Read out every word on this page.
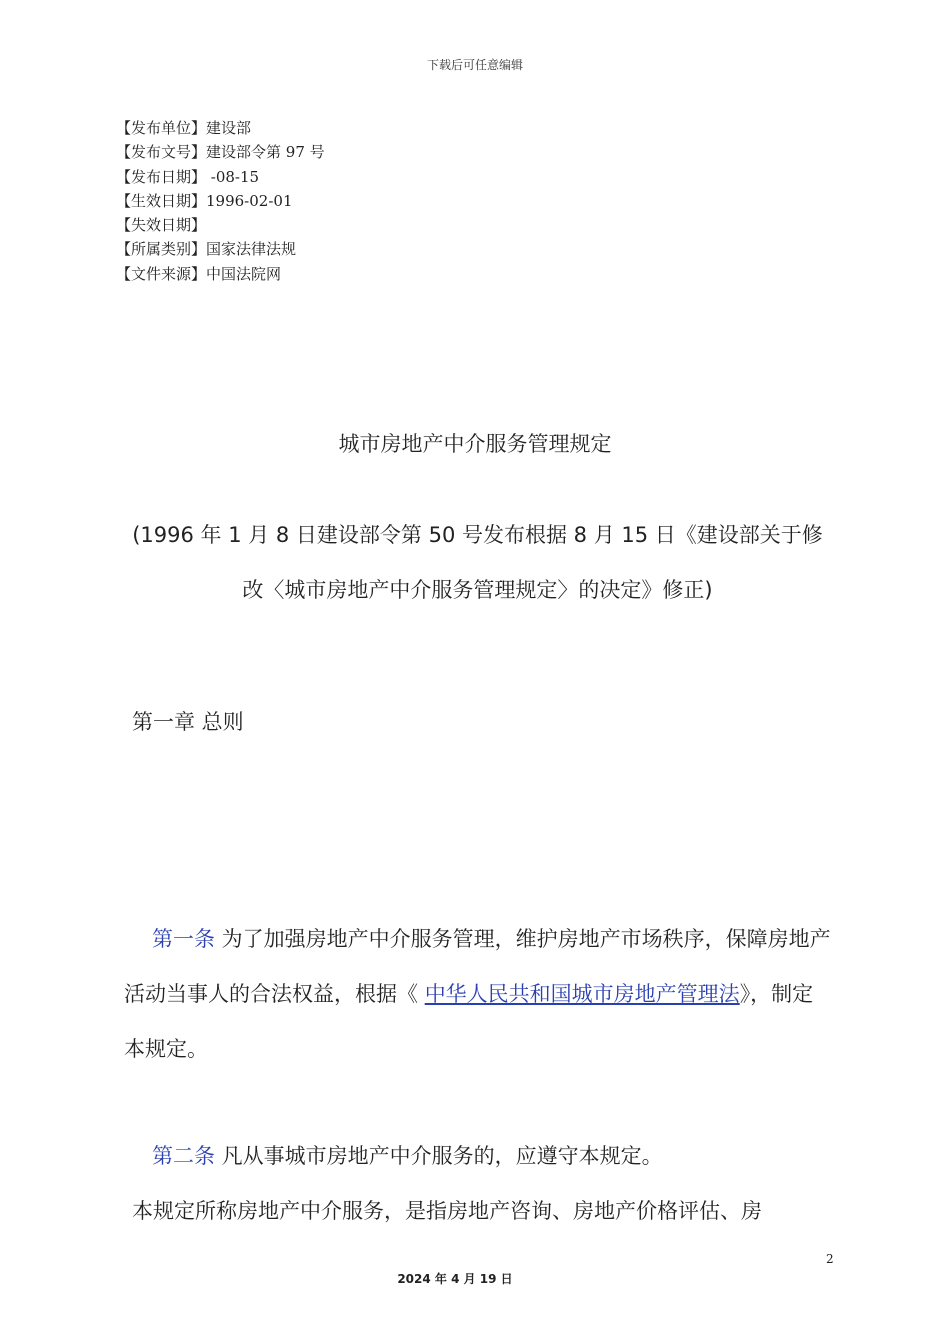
下载后可任意编辑
【发布单位】建设部
【发布文号】建设部令第 97 号
【发布日期】 -08-15
【生效日期】1996-02-01
【失效日期】
【所属类别】国家法律法规
【文件来源】中国法院网
城市房地产中介服务管理规定
(1996 年 1 月 8 日建设部令第 50 号发布根据 8 月 15 日《建设部关于修改〈城市房地产中介服务管理规定〉的决定》修正)
第一章 总则
第一条 为了加强房地产中介服务管理，维护房地产市场秩序，保障房地产活动当事人的合法权益，根据《 中华人民共和国城市房地产管理法》，制定本规定。
第二条 凡从事城市房地产中介服务的，应遵守本规定。
本规定所称房地产中介服务，是指房地产咨询、房地产价格评估、房
2
2024 年 4 月 19 日
